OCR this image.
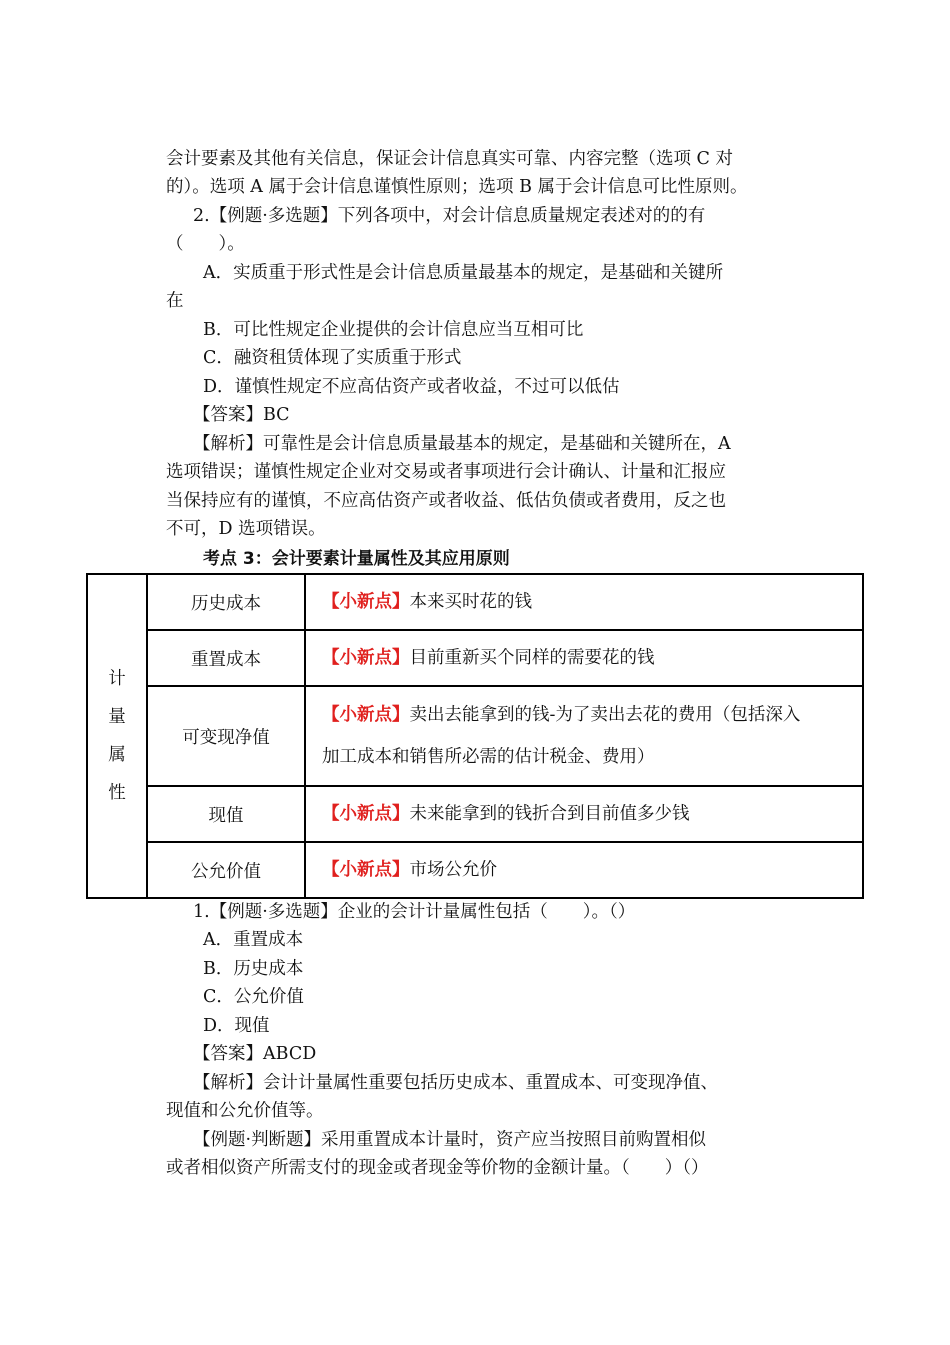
会计要素及其他有关信息，保证会计信息真实可靠、内容完整（选项 C 对
的）。选项 A 属于会计信息谨慎性原则；选项 B 属于会计信息可比性原则。
2.【例题·多选题】下列各项中，对会计信息质量规定表述对的的有
（　　）。
A．实质重于形式性是会计信息质量最基本的规定，是基础和关键所
在
B．可比性规定企业提供的会计信息应当互相可比
C．融资租赁体现了实质重于形式
D．谨慎性规定不应高估资产或者收益，不过可以低估
【答案】BC
【解析】可靠性是会计信息质量最基本的规定，是基础和关键所在，A
选项错误；谨慎性规定企业对交易或者事项进行会计确认、计量和汇报应
当保持应有的谨慎，不应高估资产或者收益、低估负债或者费用，反之也
不可，D 选项错误。
考点 3：会计要素计量属性及其应用原则
计
量
属
性	历史成本	【小新点】本来买时花的钱
	重置成本	【小新点】目前重新买个同样的需要花的钱
	可变现净值	【小新点】卖出去能拿到的钱-为了卖出去花的费用（包括深入
加工成本和销售所必需的估计税金、费用）
	现值	【小新点】未来能拿到的钱折合到目前值多少钱
	公允价值	【小新点】市场公允价
1.【例题·多选题】企业的会计计量属性包括（　　）。（）
A．重置成本
B．历史成本
C．公允价值
D．现值
【答案】ABCD
【解析】会计计量属性重要包括历史成本、重置成本、可变现净值、
现值和公允价值等。
【例题·判断题】采用重置成本计量时，资产应当按照目前购置相似
或者相似资产所需支付的现金或者现金等价物的金额计量。（　　）（）
